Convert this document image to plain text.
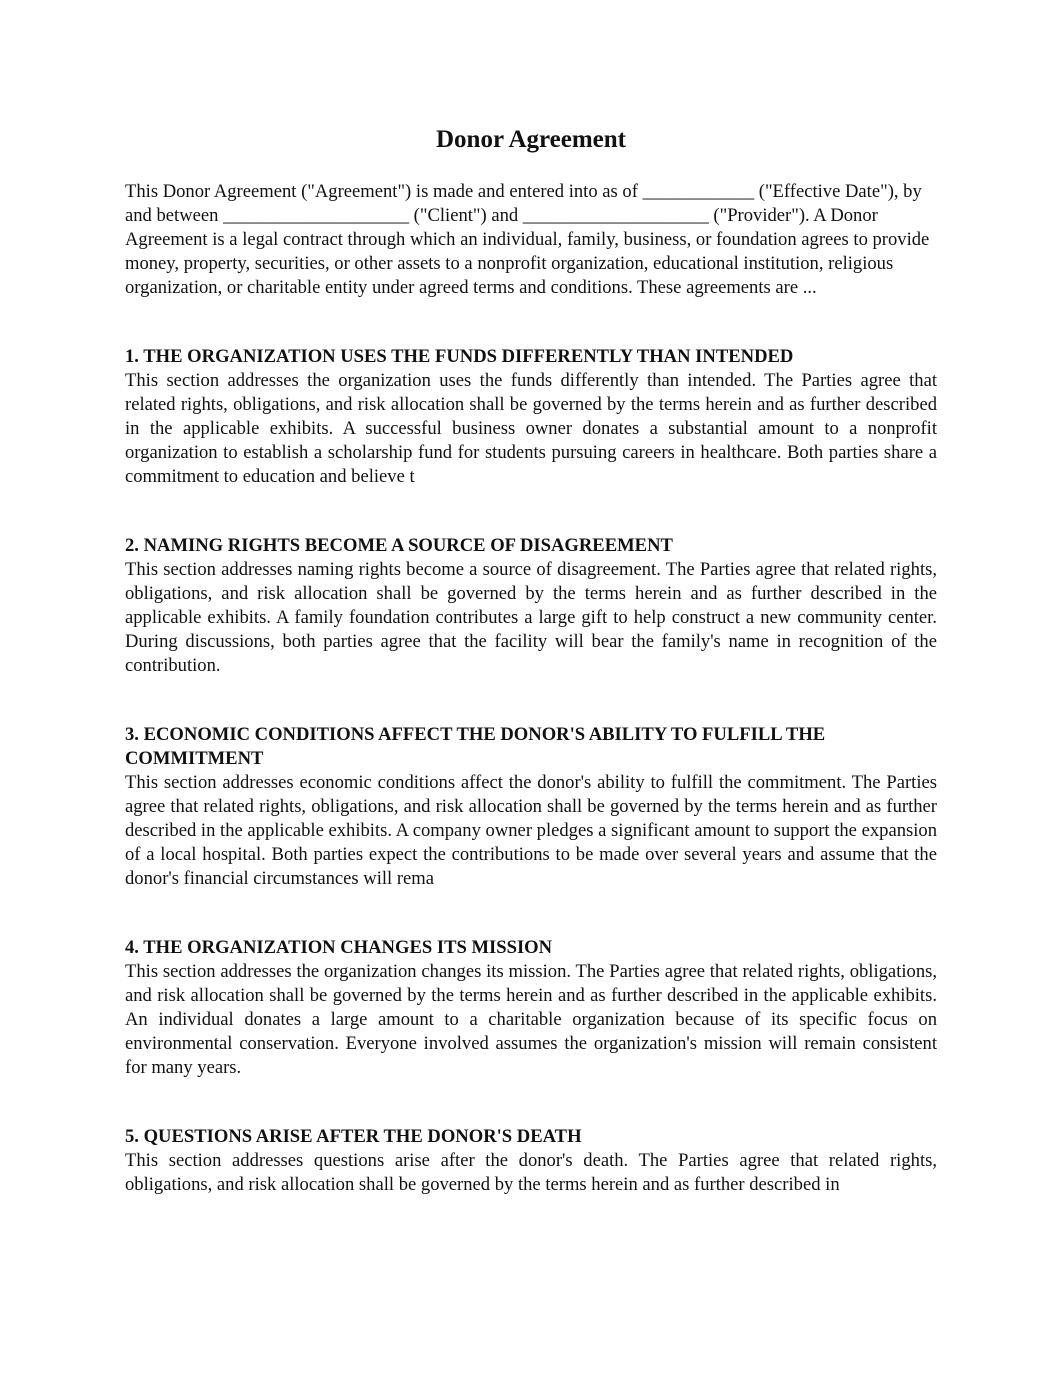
Donor Agreement

This Donor Agreement ("Agreement") is made and entered into as of ____________ ("Effective Date"), by and between ____________________ ("Client") and ____________________ ("Provider"). A Donor Agreement is a legal contract through which an individual, family, business, or foundation agrees to provide money, property, securities, or other assets to a nonprofit organization, educational institution, religious organization, or charitable entity under agreed terms and conditions. These agreements are ...

1. THE ORGANIZATION USES THE FUNDS DIFFERENTLY THAN INTENDED

This section addresses the organization uses the funds differently than intended. The Parties agree that related rights, obligations, and risk allocation shall be governed by the terms herein and as further described in the applicable exhibits. A successful business owner donates a substantial amount to a nonprofit organization to establish a scholarship fund for students pursuing careers in healthcare. Both parties share a commitment to education and believe t

2. NAMING RIGHTS BECOME A SOURCE OF DISAGREEMENT

This section addresses naming rights become a source of disagreement. The Parties agree that related rights, obligations, and risk allocation shall be governed by the terms herein and as further described in the applicable exhibits. A family foundation contributes a large gift to help construct a new community center. During discussions, both parties agree that the facility will bear the family's name in recognition of the contribution.

3. ECONOMIC CONDITIONS AFFECT THE DONOR'S ABILITY TO FULFILL THE COMMITMENT

This section addresses economic conditions affect the donor's ability to fulfill the commitment. The Parties agree that related rights, obligations, and risk allocation shall be governed by the terms herein and as further described in the applicable exhibits. A company owner pledges a significant amount to support the expansion of a local hospital. Both parties expect the contributions to be made over several years and assume that the donor's financial circumstances will rema

4. THE ORGANIZATION CHANGES ITS MISSION

This section addresses the organization changes its mission. The Parties agree that related rights, obligations, and risk allocation shall be governed by the terms herein and as further described in the applicable exhibits. An individual donates a large amount to a charitable organization because of its specific focus on environmental conservation. Everyone involved assumes the organization's mission will remain consistent for many years.

5. QUESTIONS ARISE AFTER THE DONOR'S DEATH

This section addresses questions arise after the donor's death. The Parties agree that related rights, obligations, and risk allocation shall be governed by the terms herein and as further described in
